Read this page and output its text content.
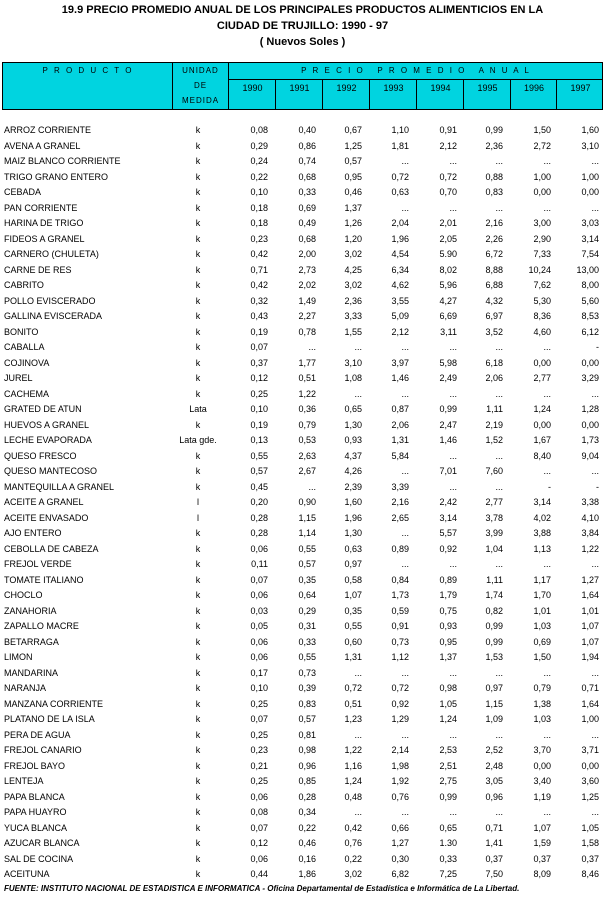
19.9 PRECIO PROMEDIO ANUAL DE LOS PRINCIPALES PRODUCTOS ALIMENTICIOS EN LA
CIUDAD DE TRUJILLO: 1990 - 97
( Nuevos Soles )
P R O D U C T O	UNIDAD
DE
MEDIDA
P R E C I O   P R O M E D I O   A N U A L
1990	1991	1992	1993	1994	1995	1996	1997
ARROZ CORRIENTE	k	0,08	0,40	0,67	1,10	0,91	0,99	1,50	1,60
AVENA A GRANEL	k	0,29	0,86	1,25	1,81	2,12	2,36	2,72	3,10
MAIZ BLANCO CORRIENTE	k	0,24	0,74	0,57	...	...	...	...	...
TRIGO GRANO ENTERO	k	0,22	0,68	0,95	0,72	0,72	0,88	1,00	1,00
CEBADA	k	0,10	0,33	0,46	0,63	0,70	0,83	0,00	0,00
PAN CORRIENTE	k	0,18	0,69	1,37	...	...	...	...	...
HARINA DE TRIGO	k	0,18	0,49	1,26	2,04	2,01	2,16	3,00	3,03
FIDEOS A GRANEL	k	0,23	0,68	1,20	1,96	2,05	2,26	2,90	3,14
CARNERO (CHULETA)	k	0,42	2,00	3,02	4,54	5.90	6,72	7,33	7,54
CARNE DE RES	k	0,71	2,73	4,25	6,34	8,02	8,88	10,24	13,00
CABRITO	k	0,42	2,02	3,02	4,62	5,96	6,88	7,62	8,00
POLLO EVISCERADO	k	0,32	1,49	2,36	3,55	4,27	4,32	5,30	5,60
GALLINA EVISCERADA	k	0,43	2,27	3,33	5,09	6,69	6,97	8,36	8,53
BONITO	k	0,19	0,78	1,55	2,12	3,11	3,52	4,60	6,12
CABALLA	k	0,07	...	...	...	...	...	...	-
COJINOVA	k	0,37	1,77	3,10	3,97	5,98	6,18	0,00	0,00
JUREL	k	0,12	0,51	1,08	1,46	2,49	2,06	2,77	3,29
CACHEMA	k	0,25	1,22	...	...	...	...	...	...
GRATED DE ATUN	Lata	0,10	0,36	0,65	0,87	0,99	1,11	1,24	1,28
HUEVOS A GRANEL	k	0,19	0,79	1,30	2,06	2,47	2,19	0,00	0,00
LECHE EVAPORADA	Lata gde.	0,13	0,53	0,93	1,31	1,46	1,52	1,67	1,73
QUESO FRESCO	k	0,55	2,63	4,37	5,84	...	...	8,40	9,04
QUESO MANTECOSO	k	0,57	2,67	4,26	...	7,01	7,60	...	...
MANTEQUILLA A GRANEL	k	0,45	...	2,39	3,39	...	...	-	-
ACEITE A GRANEL	l	0,20	0,90	1,60	2,16	2,42	2,77	3,14	3,38
ACEITE ENVASADO	l	0,28	1,15	1,96	2,65	3,14	3,78	4,02	4,10
AJO ENTERO	k	0,28	1,14	1,30	...	5,57	3,99	3,88	3,84
CEBOLLA DE CABEZA	k	0,06	0,55	0,63	0,89	0,92	1,04	1,13	1,22
FREJOL VERDE	k	0,11	0,57	0,97	...	...	...	...	...
TOMATE ITALIANO	k	0,07	0,35	0,58	0,84	0,89	1,11	1,17	1,27
CHOCLO	k	0,06	0,64	1,07	1,73	1,79	1,74	1,70	1,64
ZANAHORIA	k	0,03	0,29	0,35	0,59	0,75	0,82	1,01	1,01
ZAPALLO MACRE	k	0,05	0,31	0,55	0,91	0,93	0,99	1,03	1,07
BETARRAGA	k	0,06	0,33	0,60	0,73	0,95	0,99	0,69	1,07
LIMON	k	0,06	0,55	1,31	1,12	1,37	1,53	1,50	1,94
MANDARINA	k	0,17	0,73	...	...	...	...	...	...
NARANJA	k	0,10	0,39	0,72	0,72	0,98	0,97	0,79	0,71
MANZANA CORRIENTE	k	0,25	0,83	0,51	0,92	1,05	1,15	1,38	1,64
PLATANO DE LA ISLA	k	0,07	0,57	1,23	1,29	1,24	1,09	1,03	1,00
PERA DE AGUA	k	0,25	0,81	...	...	...	...	...	...
FREJOL CANARIO	k	0,23	0,98	1,22	2,14	2,53	2,52	3,70	3,71
FREJOL BAYO	k	0,21	0,96	1,16	1,98	2,51	2,48	0,00	0,00
LENTEJA	k	0,25	0,85	1,24	1,92	2,75	3,05	3,40	3,60
PAPA BLANCA	k	0,06	0,28	0,48	0,76	0,99	0,96	1,19	1,25
PAPA HUAYRO	k	0,08	0,34	...	...	...	...	...	...
YUCA BLANCA	k	0,07	0,22	0,42	0,66	0,65	0,71	1,07	1,05
AZUCAR BLANCA	k	0,12	0,46	0,76	1,27	1.30	1,41	1,59	1,58
SAL DE COCINA	k	0,06	0,16	0,22	0,30	0,33	0,37	0,37	0,37
ACEITUNA	k	0,44	1,86	3,02	6,82	7,25	7,50	8,09	8,46
FUENTE: INSTITUTO NACIONAL DE ESTADISTICA E INFORMATICA - Oficina Departamental de Estadística e Informática de La Libertad.
